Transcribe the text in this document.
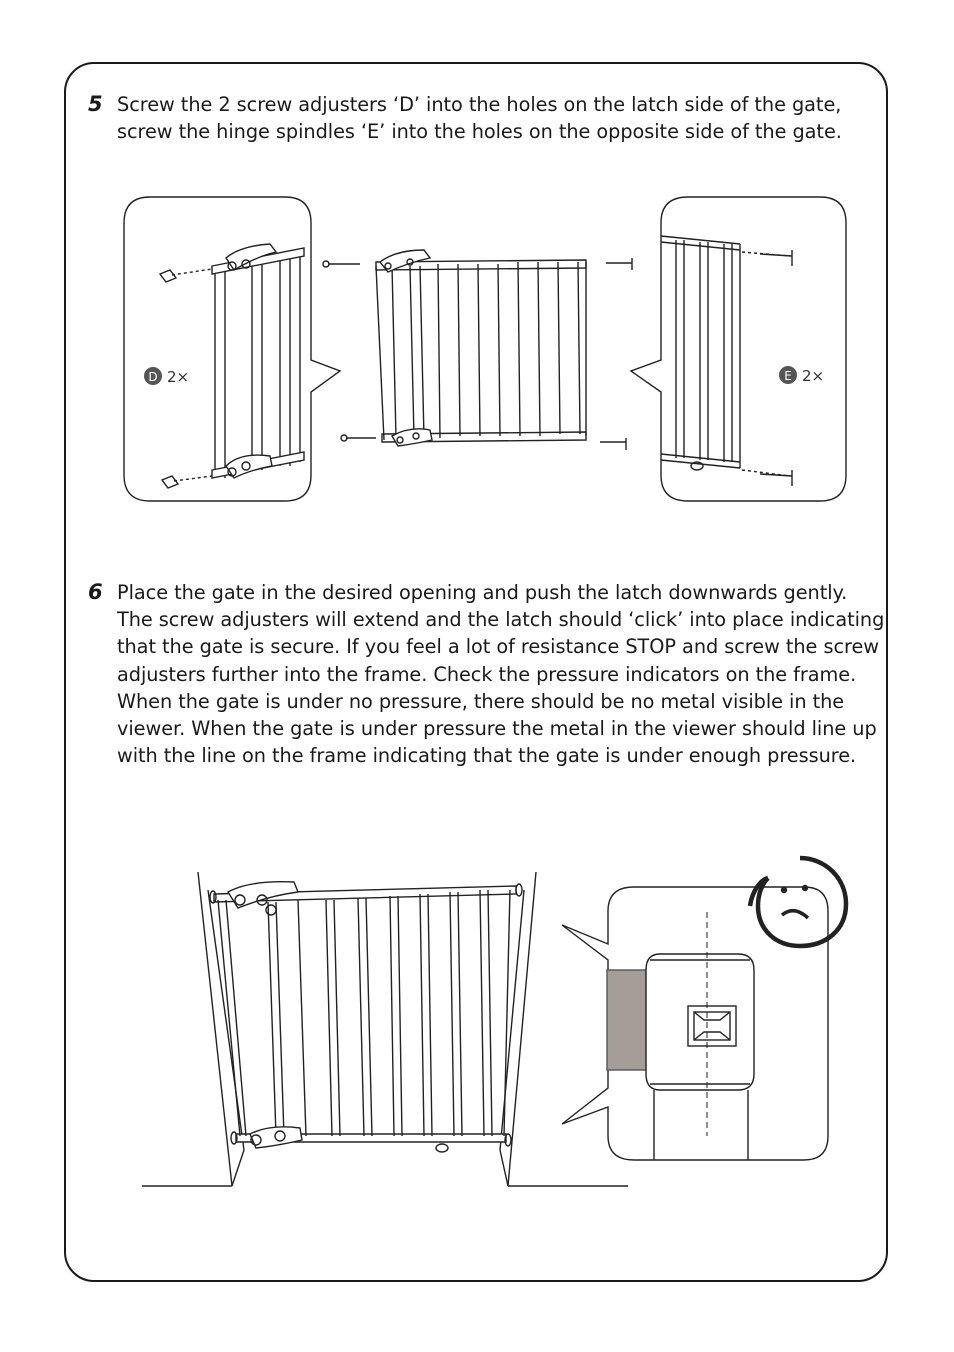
5 Screw the 2 screw adjusters ‘D’ into the holes on the latch side of the gate, screw the hinge spindles ‘E’ into the holes on the opposite side of the gate.
6 Place the gate in the desired opening and push the latch downwards gently. The screw adjusters will extend and the latch should ‘click’ into place indicating that the gate is secure. If you feel a lot of resistance STOP and screw the screw adjusters further into the frame. Check the pressure indicators on the frame. When the gate is under no pressure, there should be no metal visible in the viewer. When the gate is under pressure the metal in the viewer should line up with the line on the frame indicating that the gate is under enough pressure.
D 2×	E 2×
